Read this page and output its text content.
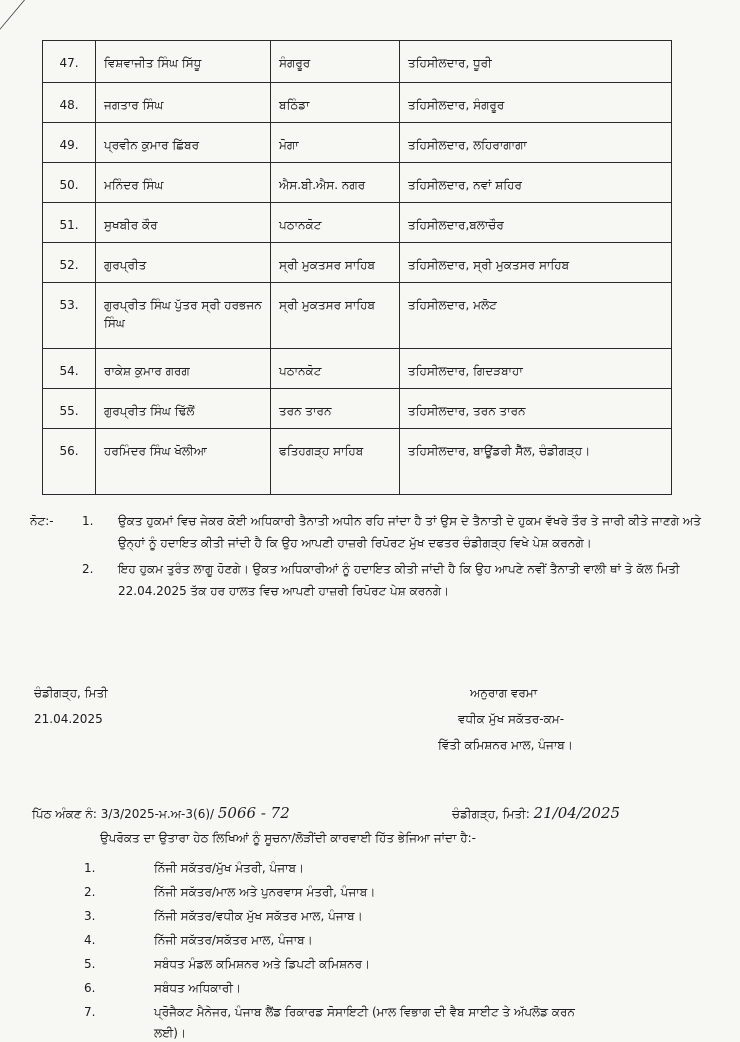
47.	ਵਿਸ਼ਵਾਜੀਤ ਸਿੰਘ ਸਿੱਧੂ	ਸੰਗਰੂਰ	ਤਹਿਸੀਲਦਾਰ, ਧੂਰੀ
48.	ਜਗਤਾਰ ਸਿੰਘ	ਬਠਿੰਡਾ	ਤਹਿਸੀਲਦਾਰ, ਸੰਗਰੂਰ
49.	ਪ੍ਰਵੀਨ ਕੁਮਾਰ ਛਿੱਬਰ	ਮੋਗਾ	ਤਹਿਸੀਲਦਾਰ, ਲਹਿਰਾਗਾਗਾ
50.	ਮਨਿੰਦਰ ਸਿੰਘ	ਐਸ.ਬੀ.ਐਸ. ਨਗਰ	ਤਹਿਸੀਲਦਾਰ, ਨਵਾਂ ਸ਼ਹਿਰ
51.	ਸੁਖਬੀਰ ਕੌਰ	ਪਠਾਨਕੋਟ	ਤਹਿਸੀਲਦਾਰ,ਬਲਾਚੌਰ
52.	ਗੁਰਪ੍ਰੀਤ	ਸ੍ਰੀ ਮੁਕਤਸਰ ਸਾਹਿਬ	ਤਹਿਸੀਲਦਾਰ, ਸ੍ਰੀ ਮੁਕਤਸਰ ਸਾਹਿਬ
53.	ਗੁਰਪ੍ਰੀਤ ਸਿੰਘ ਪੁੱਤਰ ਸ੍ਰੀ ਹਰਭਜਨ ਸਿੰਘ	ਸ੍ਰੀ ਮੁਕਤਸਰ ਸਾਹਿਬ	ਤਹਿਸੀਲਦਾਰ, ਮਲੋਟ
54.	ਰਾਕੇਸ਼ ਕੁਮਾਰ ਗਰਗ	ਪਠਾਨਕੋਟ	ਤਹਿਸੀਲਦਾਰ, ਗਿਦੜਬਾਹਾ
55.	ਗੁਰਪ੍ਰੀਤ ਸਿੰਘ ਢਿੱਲੋਂ	ਤਰਨ ਤਾਰਨ	ਤਹਿਸੀਲਦਾਰ, ਤਰਨ ਤਾਰਨ
56.	ਹਰਮਿੰਦਰ ਸਿੰਘ ਖੋਲੀਆ	ਫਤਿਹਗੜ੍ਹ ਸਾਹਿਬ	ਤਹਿਸੀਲਦਾਰ, ਬਾਊਂਡਰੀ ਸੈੱਲ, ਚੰਡੀਗੜ੍ਹ।
ਨੋਟ:-	1.	ਉਕਤ ਹੁਕਮਾਂ ਵਿਚ ਜੇਕਰ ਕੋਈ ਅਧਿਕਾਰੀ ਤੈਨਾਤੀ ਅਧੀਨ ਰਹਿ ਜਾਂਦਾ ਹੈ ਤਾਂ ਉਸ ਦੇ ਤੈਨਾਤੀ ਦੇ ਹੁਕਮ ਵੱਖਰੇ ਤੌਰ ਤੇ ਜਾਰੀ ਕੀਤੇ ਜਾਣਗੇ ਅਤੇ ਉਨ੍ਹਾਂ ਨੂੰ ਹਦਾਇਤ ਕੀਤੀ ਜਾਂਦੀ ਹੈ ਕਿ ਉਹ ਆਪਣੀ ਹਾਜ਼ਰੀ ਰਿਪੋਰਟ ਮੁੱਖ ਦਫਤਰ ਚੰਡੀਗੜ੍ਹ ਵਿਖੇ ਪੇਸ਼ ਕਰਨਗੇ।
2.	ਇਹ ਹੁਕਮ ਤੁਰੰਤ ਲਾਗੂ ਹੋਣਗੇ। ਉਕਤ ਅਧਿਕਾਰੀਆਂ ਨੂੰ ਹਦਾਇਤ ਕੀਤੀ ਜਾਂਦੀ ਹੈ ਕਿ ਉਹ ਆਪਣੇ ਨਵੀਂ ਤੈਨਾਤੀ ਵਾਲੀ ਥਾਂ ਤੇ ਕੱਲ ਮਿਤੀ 22.04.2025 ਤੱਕ ਹਰ ਹਾਲਤ ਵਿਚ ਆਪਣੀ ਹਾਜ਼ਰੀ ਰਿਪੋਰਟ ਪੇਸ਼ ਕਰਨਗੇ।
ਚੰਡੀਗੜ੍ਹ, ਮਿਤੀ
21.04.2025
ਅਨੁਰਾਗ ਵਰਮਾ
ਵਧੀਕ ਮੁੱਖ ਸਕੱਤਰ-ਕਮ-
ਵਿੱਤੀ ਕਮਿਸ਼ਨਰ ਮਾਲ, ਪੰਜਾਬ।
ਪਿੱਠ ਅੰਕਣ ਨੰ: 3/3/2025-ਮ.ਅ-3(6)/ 5066 - 72	ਚੰਡੀਗੜ੍ਹ, ਮਿਤੀ: 21/04/2025
ਉਪਰੋਕਤ ਦਾ ਉਤਾਰਾ ਹੇਠ ਲਿਖਿਆਂ ਨੂੰ ਸੂਚਨਾ/ਲੋੜੀਂਦੀ ਕਾਰਵਾਈ ਹਿੱਤ ਭੇਜਿਆ ਜਾਂਦਾ ਹੈ:-
1.	ਨਿੱਜੀ ਸਕੱਤਰ/ਮੁੱਖ ਮੰਤਰੀ, ਪੰਜਾਬ।
2.	ਨਿੱਜੀ ਸਕੱਤਰ/ਮਾਲ ਅਤੇ ਪੁਨਰਵਾਸ ਮੰਤਰੀ, ਪੰਜਾਬ।
3.	ਨਿੱਜੀ ਸਕੱਤਰ/ਵਧੀਕ ਮੁੱਖ ਸਕੱਤਰ ਮਾਲ, ਪੰਜਾਬ।
4.	ਨਿੱਜੀ ਸਕੱਤਰ/ਸਕੱਤਰ ਮਾਲ, ਪੰਜਾਬ।
5.	ਸਬੰਧਤ ਮੰਡਲ ਕਮਿਸ਼ਨਰ ਅਤੇ ਡਿਪਟੀ ਕਮਿਸ਼ਨਰ।
6.	ਸਬੰਧਤ ਅਧਿਕਾਰੀ।
7.	ਪ੍ਰੋਜੈਕਟ ਮੈਨੇਜਰ, ਪੰਜਾਬ ਲੈਂਡ ਰਿਕਾਰਡ ਸੋਸਾਇਟੀ (ਮਾਲ ਵਿਭਾਗ ਦੀ ਵੈਬ ਸਾਈਟ ਤੇ ਅੱਪਲੋਡ ਕਰਨ
ਲਈ)।
